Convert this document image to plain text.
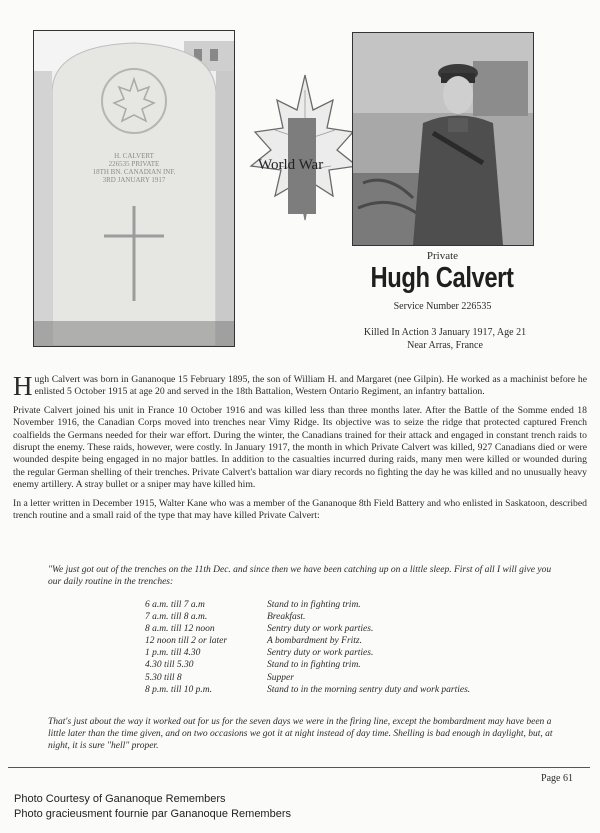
H. CALVERT
226535 PRIVATE
18TH BN. CANADIAN INF.
3RD JANUARY 1917
World War
Private
Hugh Calvert
Service Number 226535
Killed In Action 3 January 1917, Age 21
Near Arras, France

Hugh Calvert was born in Gananoque 15 February 1895, the son of William H. and Margaret (nee Gilpin). He worked as a machinist before he enlisted 5 October 1915 at age 20 and served in the 18th Battalion, Western Ontario Regiment, an infantry battalion.

Private Calvert joined his unit in France 10 October 1916 and was killed less than three months later. After the Battle of the Somme ended 18 November 1916, the Canadian Corps moved into trenches near Vimy Ridge. Its objective was to seize the ridge that protected captured French coalfields the Germans needed for their war effort. During the winter, the Canadians trained for their attack and engaged in constant trench raids to disrupt the enemy. These raids, however, were costly. In January 1917, the month in which Private Calvert was killed, 927 Canadians died or were wounded despite being engaged in no major battles. In addition to the casualties incurred during raids, many men were killed or wounded during the regular German shelling of their trenches. Private Calvert's battalion war diary records no fighting the day he was killed and no unusually heavy enemy artillery. A stray bullet or a sniper may have killed him.

In a letter written in December 1915, Walter Kane who was a member of the Gananoque 8th Field Battery and who enlisted in Saskatoon, described trench routine and a small raid of the type that may have killed Private Calvert:

"We just got out of the trenches on the 11th Dec. and since then we have been catching up on a little sleep. First of all I will give you our daily routine in the trenches:

6 a.m. till 7 a.m	Stand to in fighting trim.
7 a.m. till 8 a.m.	Breakfast.
8 a.m. till 12 noon	Sentry duty or work parties.
12 noon till 2 or later	A bombardment by Fritz.
1 p.m. till 4.30	Sentry duty or work parties.
4.30 till 5.30	Stand to in fighting trim.
5.30 till 8	Supper
8 p.m. till 10 p.m.	Stand to in the morning sentry duty and work parties.
That's just about the way it worked out for us for the seven days we were in the firing line, except the bombardment may have been a little later than the time given, and on two occasions we got it at night instead of day time. Shelling is bad enough in daylight, but, at night, it is sure "hell" proper.
Page 61
Photo Courtesy of Gananoque Remembers
Photo gracieusment fournie par Gananoque Remembers
